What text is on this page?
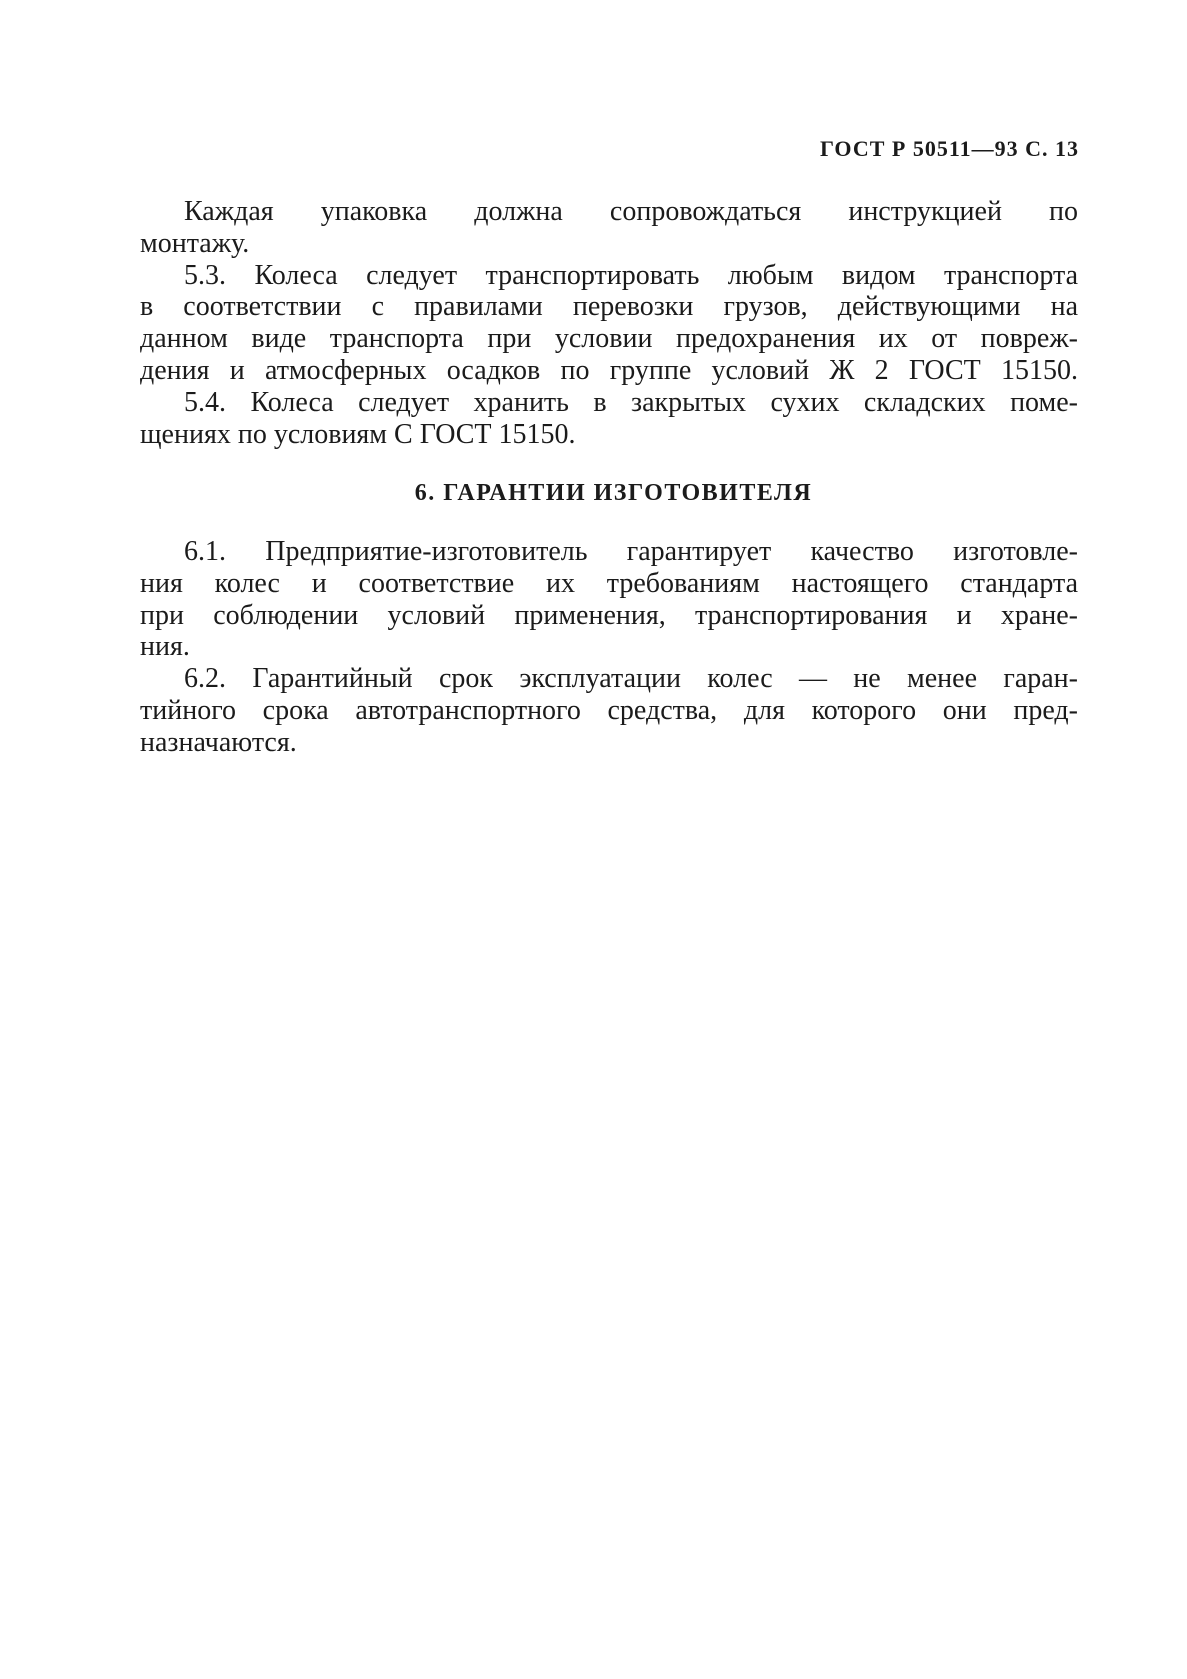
ГОСТ Р 50511—93 С. 13

Каждая упаковка должна сопровождаться инструкцией по
монтажу.

5.3. Колеса следует транспортировать любым видом транспорта
в соответствии с правилами перевозки грузов, действующими на
данном виде транспорта при условии предохранения их от повреж-
дения и атмосферных осадков по группе условий Ж 2 ГОСТ 15150.

5.4. Колеса следует хранить в закрытых сухих складских поме-
щениях по условиям С ГОСТ 15150.

6. ГАРАНТИИ ИЗГОТОВИТЕЛЯ

6.1. Предприятие-изготовитель гарантирует качество изготовле-
ния колес и соответствие их требованиям настоящего стандарта
при соблюдении условий применения, транспортирования и хране-
ния.

6.2. Гарантийный срок эксплуатации колес — не менее гаран-
тийного срока автотранспортного средства, для которого они пред-
назначаются.
